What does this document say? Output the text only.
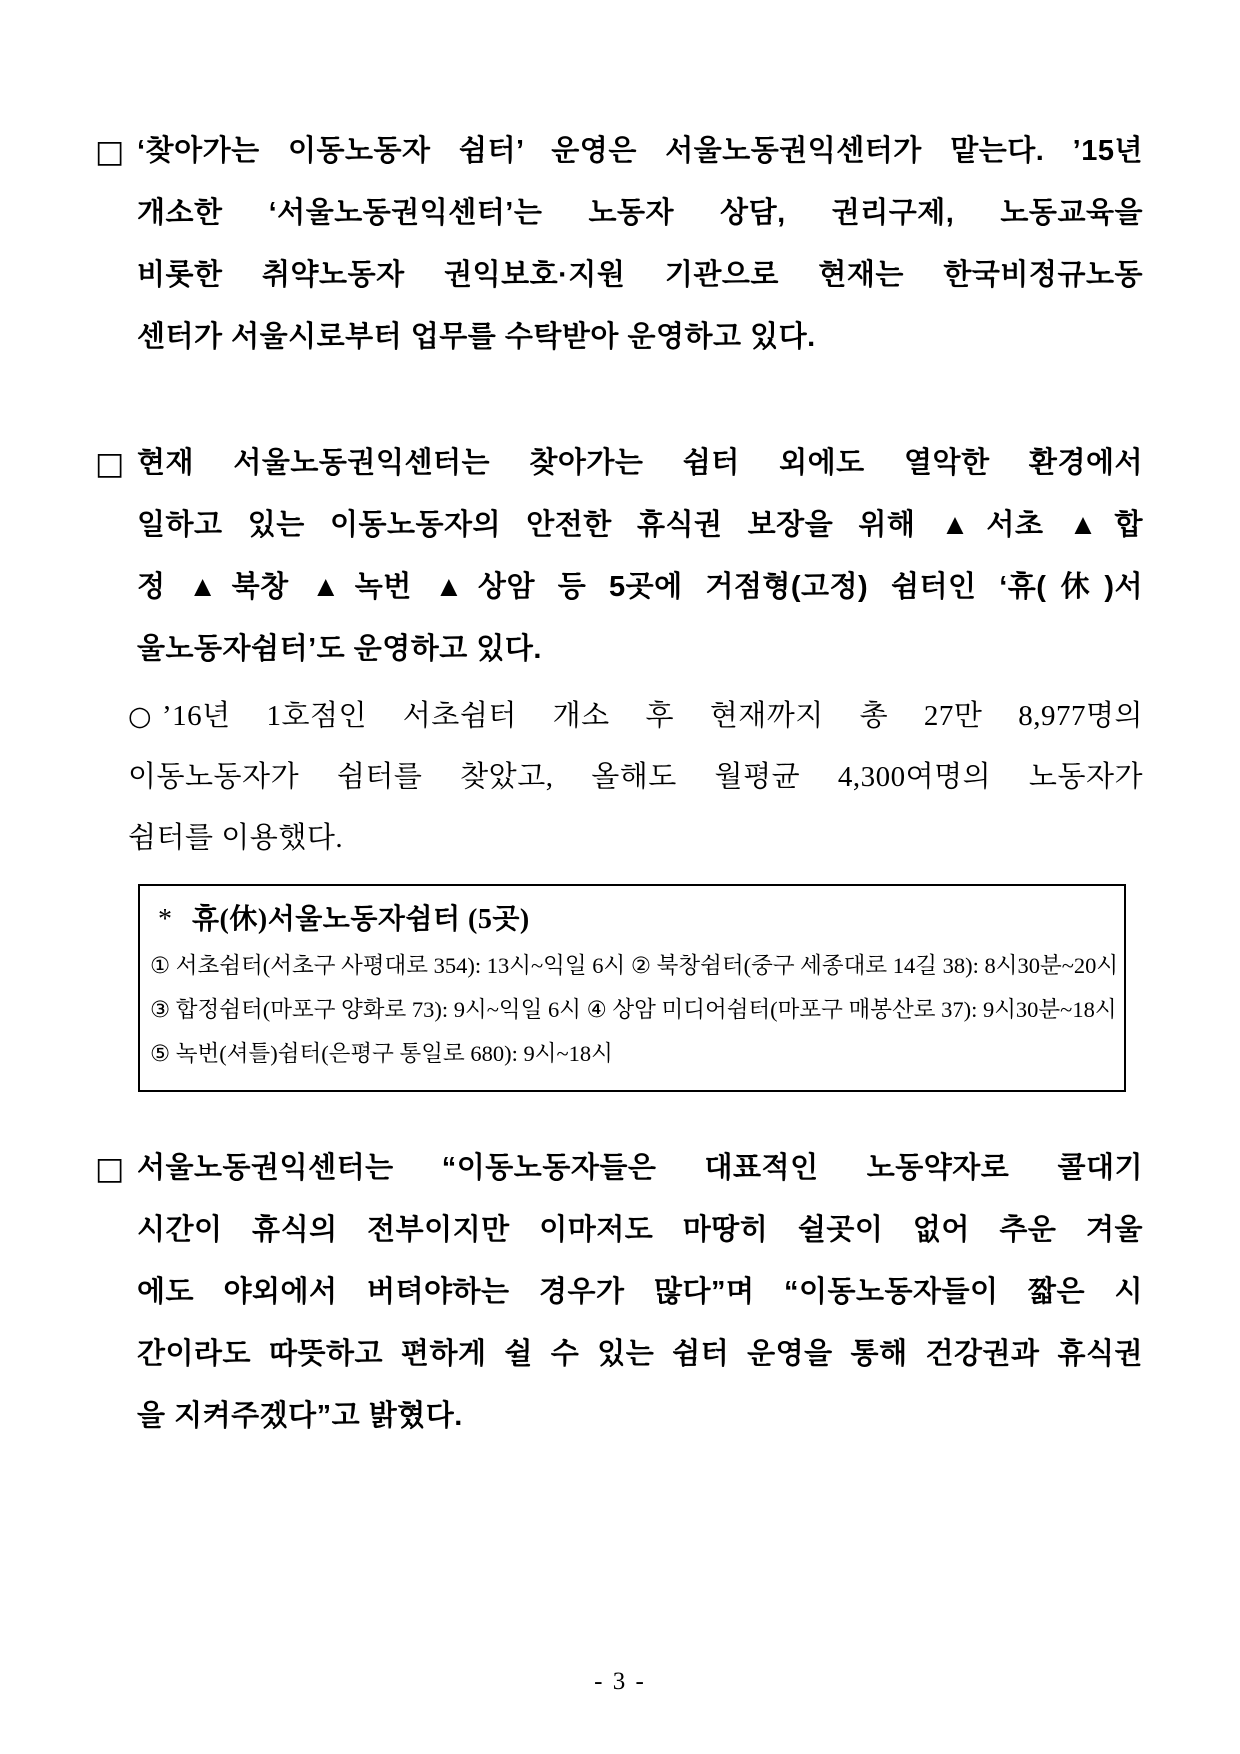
□ ‘찾아가는 이동노동자 쉼터’ 운영은 서울노동권익센터가 맡는다. ’15년
개소한 ‘서울노동권익센터’는 노동자 상담, 권리구제, 노동교육을
비롯한 취약노동자 권익보호·지원 기관으로 현재는 한국비정규노동
센터가 서울시로부터 업무를 수탁받아 운영하고 있다.
□ 현재 서울노동권익센터는 찾아가는 쉼터 외에도 열악한 환경에서
일하고 있는 이동노동자의 안전한 휴식권 보장을 위해 ▲서초 ▲합
정 ▲북창 ▲녹번 ▲상암 등 5곳에 거점형(고정) 쉼터인 ‘휴(休)서
울노동자쉼터’도 운영하고 있다.
○ ’16년 1호점인 서초쉼터 개소 후 현재까지 총 27만 8,977명의
이동노동자가 쉼터를 찾았고, 올해도 월평균 4,300여명의 노동자가
쉼터를 이용했다.
* 휴(休)서울노동자쉼터 (5곳)
① 서초쉼터(서초구 사평대로 354): 13시~익일 6시 ② 북창쉼터(중구 세종대로 14길 38): 8시30분~20시
③ 합정쉼터(마포구 양화로 73): 9시~익일 6시 ④ 상암 미디어쉼터(마포구 매봉산로 37): 9시30분~18시
⑤ 녹번(셔틀)쉼터(은평구 통일로 680): 9시~18시
□ 서울노동권익센터는 “이동노동자들은 대표적인 노동약자로 콜대기
시간이 휴식의 전부이지만 이마저도 마땅히 쉴곳이 없어 추운 겨울
에도 야외에서 버텨야하는 경우가 많다”며 “이동노동자들이 짧은 시
간이라도 따뜻하고 편하게 쉴 수 있는 쉼터 운영을 통해 건강권과 휴식권
을 지켜주겠다”고 밝혔다.
- 3 -
